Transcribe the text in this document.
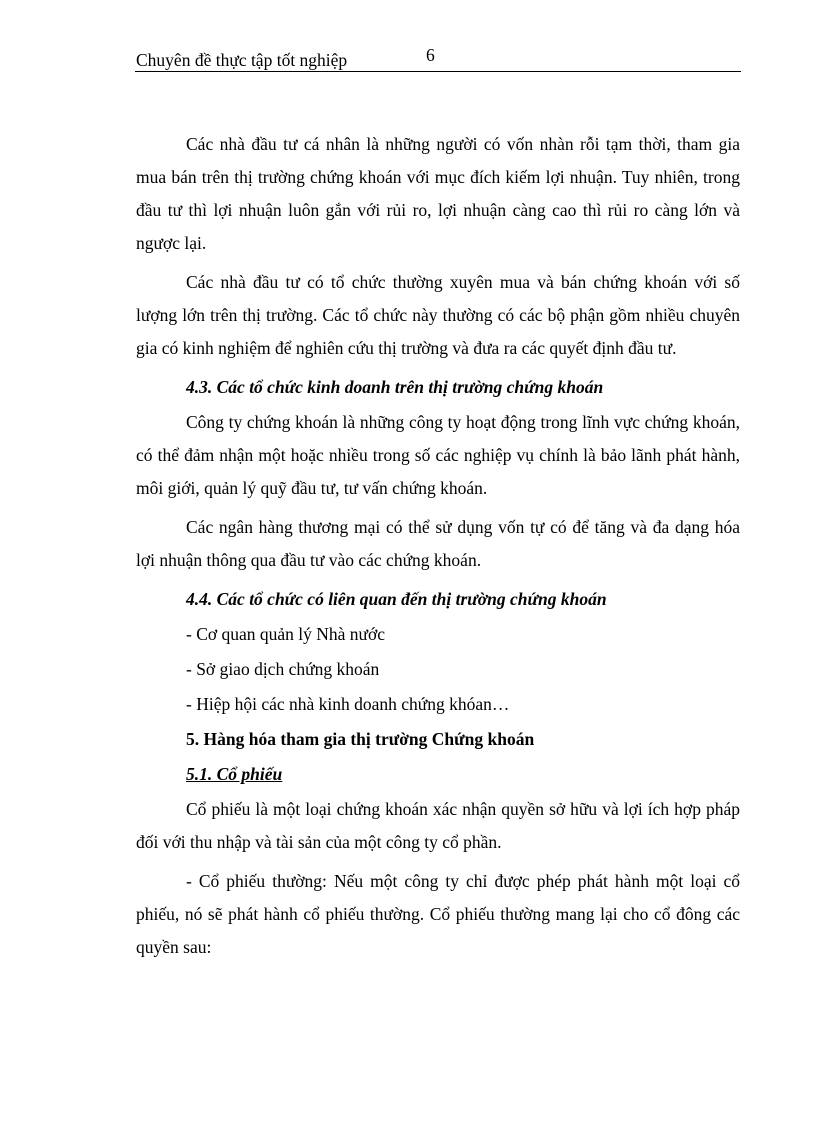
Chuyên đề thực tập tốt nghiệp	6

Các nhà đầu tư cá nhân là những người có vốn nhàn rỗi tạm thời, tham gia mua bán trên thị trường chứng khoán với mục đích kiếm lợi nhuận. Tuy nhiên, trong đầu tư thì lợi nhuận luôn gắn với rủi ro, lợi nhuận càng cao thì rủi ro càng lớn và ngược lại.

Các nhà đầu tư có tổ chức thường xuyên mua và bán chứng khoán với số lượng lớn trên thị trường. Các tổ chức này thường có các bộ phận gồm nhiều chuyên gia có kinh nghiệm để nghiên cứu thị trường và đưa ra các quyết định đầu tư.

4.3. Các tổ chức kinh doanh trên thị trường chứng khoán

Công ty chứng khoán là những công ty hoạt động trong lĩnh vực chứng khoán, có thể đảm nhận một hoặc nhiều trong số các nghiệp vụ chính là bảo lãnh phát hành, môi giới, quản lý quỹ đầu tư, tư vấn chứng khoán.

Các ngân hàng thương mại có thể sử dụng vốn tự có để tăng và đa dạng hóa lợi nhuận thông qua đầu tư vào các chứng khoán.

4.4. Các tổ chức có liên quan đến thị trường chứng khoán
- Cơ quan quản lý Nhà nước
- Sở giao dịch chứng khoán
- Hiệp hội các nhà kinh doanh chứng khóan…
5. Hàng hóa tham gia thị trường Chứng khoán
5.1. Cổ phiếu

Cổ phiếu là một loại chứng khoán xác nhận quyền sở hữu và lợi ích hợp pháp đối với thu nhập và tài sản của một công ty cổ phần.

- Cổ phiếu thường: Nếu một công ty chỉ được phép phát hành một loại cổ phiếu, nó sẽ phát hành cổ phiếu thường. Cổ phiếu thường mang lại cho cổ đông các quyền sau:
